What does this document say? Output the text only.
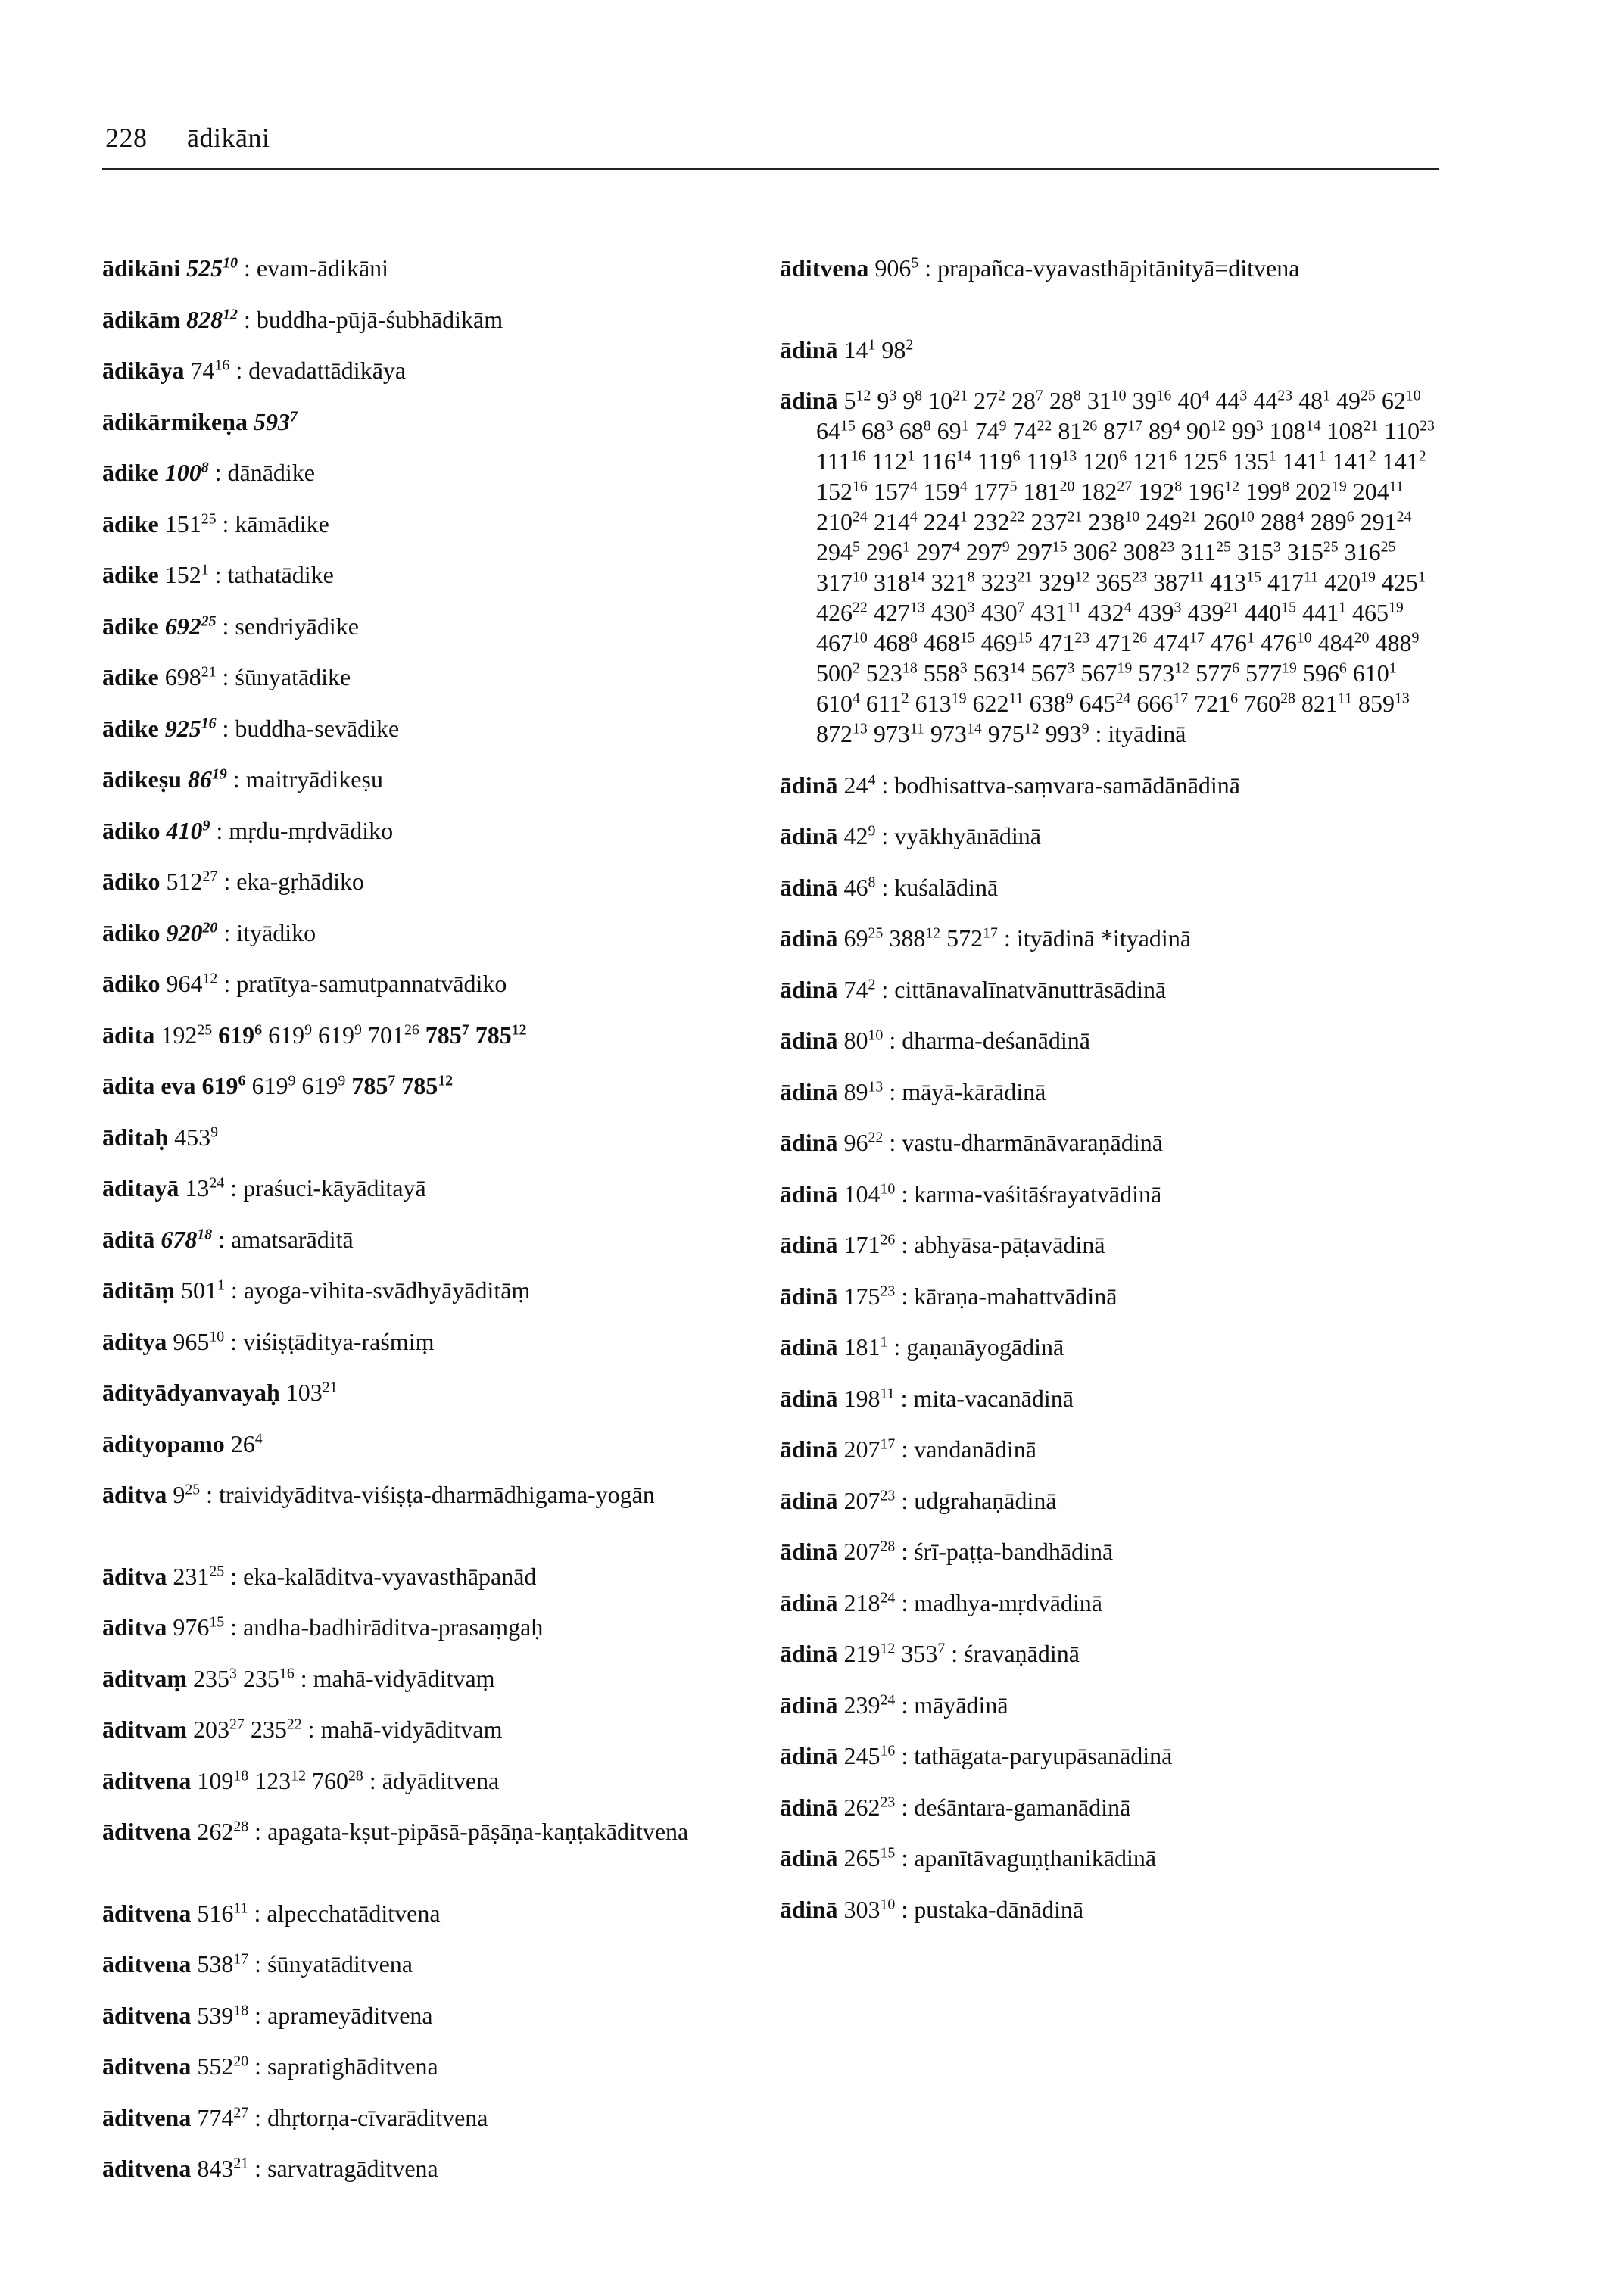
228 ādikāni
ādikāni $525^{10}$ : evam-ādikāni
ādikām $828^{12}$ : buddha-pūjā-śubhādikām
ādikāya $74^{16}$ : devadattādikāya
ādikārmikeṇa $593^7$
ādike $100^8$ : dānādike
ādike $151^{25}$ : kāmādike
ādike $152^1$ : tathatādike
ādike $692^{25}$ : sendriyādike
ādike $698^{21}$ : śūnyatādike
ādike $925^{16}$ : buddha-sevādike
ādikeṣu $86^{19}$ : maitryādikeṣu
ādiko $410^9$ : mṛdu-mṛdvādiko
ādiko $512^{27}$ : eka-gṛhādiko
ādiko $920^{20}$ : ityādiko
ādiko $964^{12}$ : pratītya-samutpannatvādiko
ādita $192^{25}$ $619^6$ $619^9$ $619^9$ $701^{26}$ $785^7$ $785^{12}$
ādita eva $619^6$ $619^9$ $619^9$ $785^7$ $785^{12}$
āditaḥ $453^9$
āditayā $13^{24}$ : praśuci-kāyāditayā
āditā $678^{18}$ : amatsarāditā
āditāṃ $501^1$ : ayoga-vihita-svādhyāyāditāṃ
āditya $965^{10}$ : viśiṣṭāditya-raśmiṃ
ādityādyanvayaḥ $103^{21}$
ādityopamo $26^4$
āditva $9^{25}$ : traividyāditva-viśiṣṭa-dharmādhigama-yogān
āditva $231^{25}$ : eka-kalāditva-vyavasthāpanād
āditva $976^{15}$ : andha-badhirāditva-prasaṃgaḥ
āditvaṃ $235^3$ $235^{16}$ : mahā-vidyāditvaṃ
āditvam $203^{27}$ $235^{22}$ : mahā-vidyāditvam
āditvena $109^{18}$ $123^{12}$ $760^{28}$ : ādyāditvena
āditvena $262^{28}$ : apagata-kṣut-pipāsā-pāṣāṇa-kaṇṭakāditvena
āditvena $516^{11}$ : alpecchatāditvena
āditvena $538^{17}$ : śūnyatāditvena
āditvena $539^{18}$ : aprameyāditvena
āditvena $552^{20}$ : sapratighāditvena
āditvena $774^{27}$ : dhṛtorṇa-cīvarāditvena
āditvena $843^{21}$ : sarvatragāditvena
āditvena $906^5$ : prapañca-vyavasthāpitānityā=ditvena
ādinā $14^1$ $98^2$
ādinā $5^{12}$ $9^3$ $9^8$ $10^{21}$ $27^2$ $28^7$ $28^8$ $31^{10}$ $39^{16}$ $40^4$ $44^3$ $44^{23}$ $48^1$ $49^{25}$ $62^{10}$ $64^{15}$ $68^3$ $68^8$ $69^1$ $74^9$ $74^{22}$ $81^{26}$ $87^{17}$ $89^4$ $90^{12}$ $99^3$ $108^{14}$ $108^{21}$ $110^{23}$ $111^{16}$ $112^1$ $116^{14}$ $119^6$ $119^{13}$ $120^6$ $121^6$ $125^6$ $135^1$ $141^1$ $141^2$ $141^2$ $152^{16}$ $157^4$ $159^4$ $177^5$ $181^{20}$ $182^{27}$ $192^8$ $196^{12}$ $199^8$ $202^{19}$ $204^{11}$ $210^{24}$ $214^4$ $224^1$ $232^{22}$ $237^{21}$ $238^{10}$ $249^{21}$ $260^{10}$ $288^4$ $289^6$ $291^{24}$ $294^5$ $296^1$ $297^4$ $297^9$ $297^{15}$ $306^2$ $308^{23}$ $311^{25}$ $315^3$ $315^{25}$ $316^{25}$ $317^{10}$ $318^{14}$ $321^8$ $323^{21}$ $329^{12}$ $365^{23}$ $387^{11}$ $413^{15}$ $417^{11}$ $420^{19}$ $425^1$ $426^{22}$ $427^{13}$ $430^3$ $430^7$ $431^{11}$ $432^4$ $439^3$ $439^{21}$ $440^{15}$ $441^1$ $465^{19}$ $467^{10}$ $468^8$ $468^{15}$ $469^{15}$ $471^{23}$ $471^{26}$ $474^{17}$ $476^1$ $476^{10}$ $484^{20}$ $488^9$ $500^2$ $523^{18}$ $558^3$ $563^{14}$ $567^3$ $567^{19}$ $573^{12}$ $577^6$ $577^{19}$ $596^6$ $610^1$ $610^4$ $611^2$ $613^{19}$ $622^{11}$ $638^9$ $645^{24}$ $666^{17}$ $721^6$ $760^{28}$ $821^{11}$ $859^{13}$ $872^{13}$ $973^{11}$ $973^{14}$ $975^{12}$ $993^9$ : ityādinā
ādinā $24^4$ : bodhisattva-saṃvara-samādānādinā
ādinā $42^9$ : vyākhyānādinā
ādinā $46^8$ : kuśalādinā
ādinā $69^{25}$ $388^{12}$ $572^{17}$ : ityādinā *ityadinā
ādinā $74^2$ : cittānavalīnatvānuttrāsādinā
ādinā $80^{10}$ : dharma-deśanādinā
ādinā $89^{13}$ : māyā-kārādinā
ādinā $96^{22}$ : vastu-dharmānāvaraṇādinā
ādinā $104^{10}$ : karma-vaśitāśrayatvādinā
ādinā $171^{26}$ : abhyāsa-pāṭavādinā
ādinā $175^{23}$ : kāraṇa-mahattvādinā
ādinā $181^1$ : gaṇanāyogādinā
ādinā $198^{11}$ : mita-vacanādinā
ādinā $207^{17}$ : vandanādinā
ādinā $207^{23}$ : udgrahaṇādinā
ādinā $207^{28}$ : śrī-paṭṭa-bandhādinā
ādinā $218^{24}$ : madhya-mṛdvādinā
ādinā $219^{12}$ $353^7$ : śravaṇādinā
ādinā $239^{24}$ : māyādinā
ādinā $245^{16}$ : tathāgata-paryupāsanādinā
ādinā $262^{23}$ : deśāntara-gamanādinā
ādinā $265^{15}$ : apanītāvaguṇṭhanikādinā
ādinā $303^{10}$ : pustaka-dānādinā
